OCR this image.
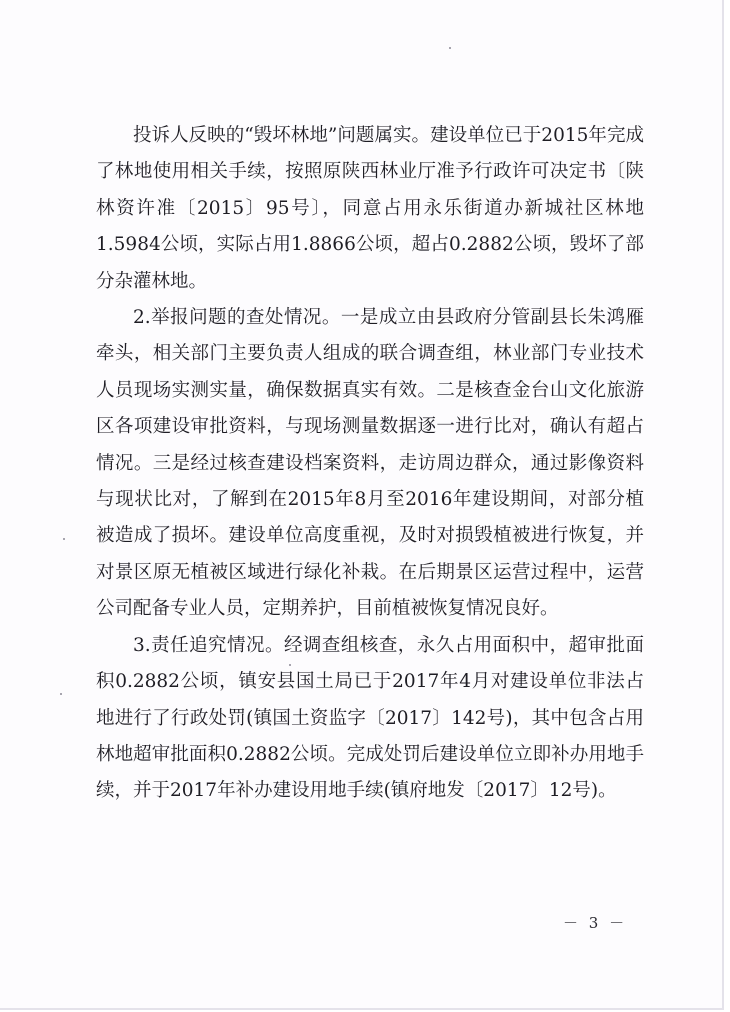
投诉人反映的“毁坏林地”问题属实。建设单位已于2015年完成了林地使用相关手续，按照原陕西林业厅准予行政许可决定书〔陕林资许准〔2015〕95号〕，同意占用永乐街道办新城社区林地1.5984公顷，实际占用1.8866公顷，超占0.2882公顷，毁坏了部分杂灌林地。

2.举报问题的查处情况。一是成立由县政府分管副县长朱鸿雁牵头，相关部门主要负责人组成的联合调查组，林业部门专业技术人员现场实测实量，确保数据真实有效。二是核查金台山文化旅游区各项建设审批资料，与现场测量数据逐一进行比对，确认有超占情况。三是经过核查建设档案资料，走访周边群众，通过影像资料与现状比对，了解到在2015年8月至2016年建设期间，对部分植被造成了损坏。建设单位高度重视，及时对损毁植被进行恢复，并对景区原无植被区域进行绿化补栽。在后期景区运营过程中，运营公司配备专业人员，定期养护，目前植被恢复情况良好。

3.责任追究情况。经调查组核查，永久占用面积中，超审批面积0.2882公顷，镇安县国土局已于2017年4月对建设单位非法占地进行了行政处罚(镇国土资监字〔2017〕142号)，其中包含占用林地超审批面积0.2882公顷。完成处罚后建设单位立即补办用地手续，并于2017年补办建设用地手续(镇府地发〔2017〕12号)。

－ 3 －
